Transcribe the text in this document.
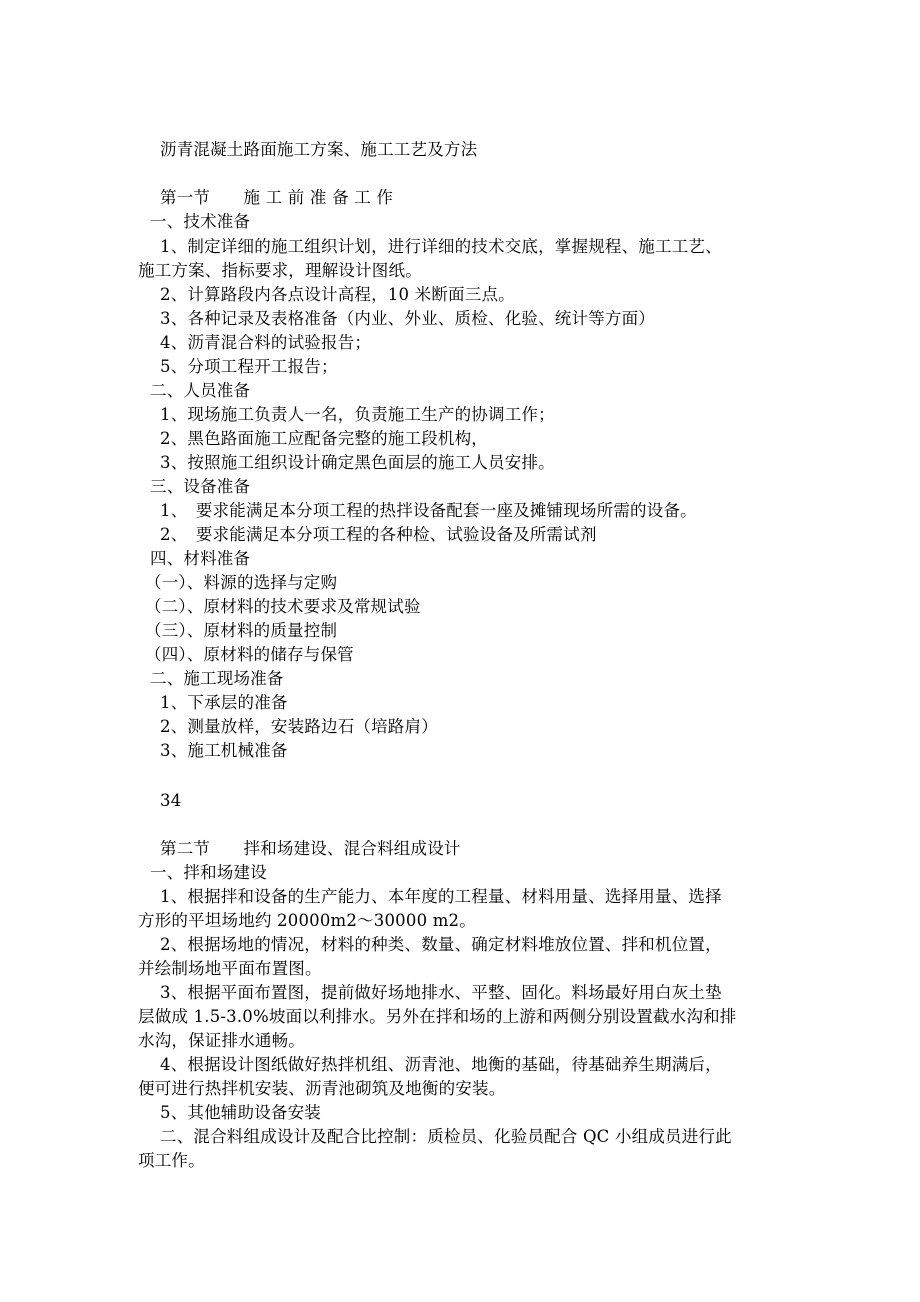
沥青混凝土路面施工方案、施工工艺及方法
第一节　　施 工 前 准 备 工 作
一、技术准备
1、制定详细的施工组织计划，进行详细的技术交底，掌握规程、施工工艺、
施工方案、指标要求，理解设计图纸。
2、计算路段内各点设计高程，10 米断面三点。
3、各种记录及表格准备（内业、外业、质检、化验、统计等方面）
4、沥青混合料的试验报告；
5、分项工程开工报告；
二、人员准备
1、现场施工负责人一名，负责施工生产的协调工作；
2、黑色路面施工应配备完整的施工段机构，
3、按照施工组织设计确定黑色面层的施工人员安排。
三、设备准备
1、　要求能满足本分项工程的热拌设备配套一座及摊铺现场所需的设备。
2、　要求能满足本分项工程的各种检、试验设备及所需试剂
四、材料准备
（一）、料源的选择与定购
（二）、原材料的技术要求及常规试验
（三）、原材料的质量控制
（四）、原材料的储存与保管
二、施工现场准备
1、下承层的准备
2、测量放样，安装路边石（培路肩）
3、施工机械准备
34
第二节　　拌和场建设、混合料组成设计
一、拌和场建设
1、根据拌和设备的生产能力、本年度的工程量、材料用量、选择用量、选择
方形的平坦场地约 20000m2～30000 m2。
2、根据场地的情况，材料的种类、数量、确定材料堆放位置、拌和机位置，
并绘制场地平面布置图。
3、根据平面布置图，提前做好场地排水、平整、固化。料场最好用白灰土垫
层做成 1.5-3.0%坡面以利排水。另外在拌和场的上游和两侧分别设置截水沟和排
水沟，保证排水通畅。
4、根据设计图纸做好热拌机组、沥青池、地衡的基础，待基础养生期满后，
便可进行热拌机安装、沥青池砌筑及地衡的安装。
5、其他辅助设备安装
二、混合料组成设计及配合比控制：质检员、化验员配合 QC 小组成员进行此
项工作。
